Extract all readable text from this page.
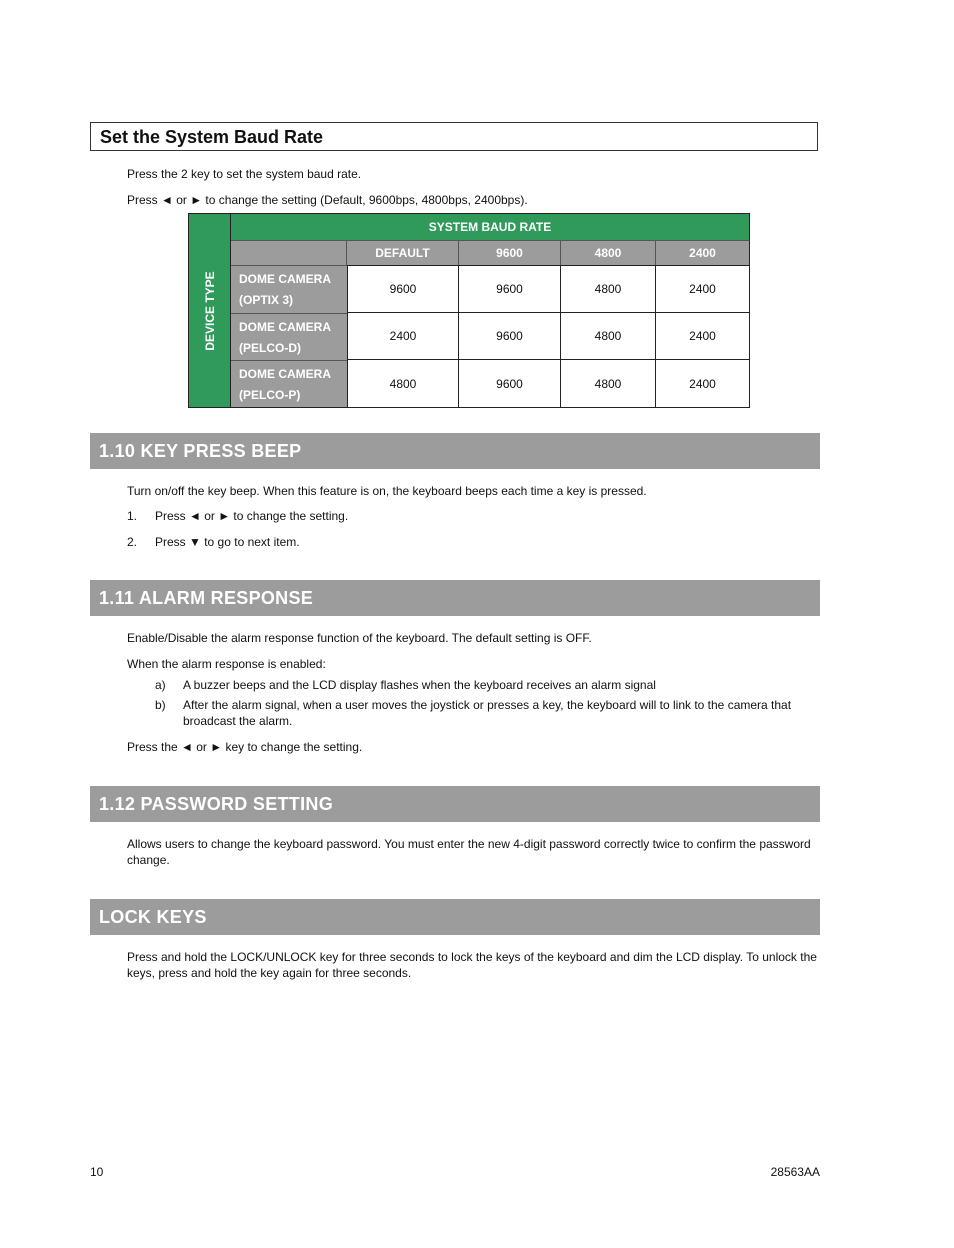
Set the System Baud Rate
Press the 2 key to set the system baud rate.
Press ◄ or ► to change the setting (Default, 9600bps, 4800bps, 2400bps).
DEVICE TYPE
SYSTEM BAUD RATE
DEFAULT	9600	4800	2400
DOME CAMERA
(OPTIX 3)
9600	9600	4800	2400
DOME CAMERA
(PELCO-D)
2400	9600	4800	2400
DOME CAMERA
(PELCO-P)
4800	9600	4800	2400
1.10 KEY PRESS BEEP
Turn on/off the key beep. When this feature is on, the keyboard beeps each time a key is pressed.
1. Press ◄ or ► to change the setting.
2. Press ▼ to go to next item.
1.11 ALARM RESPONSE
Enable/Disable the alarm response function of the keyboard. The default setting is OFF.
When the alarm response is enabled:
a) A buzzer beeps and the LCD display flashes when the keyboard receives an alarm signal
b) After the alarm signal, when a user moves the joystick or presses a key, the keyboard will to link to the camera that
broadcast the alarm.
Press the ◄ or ► key to change the setting.
1.12 PASSWORD SETTING
Allows users to change the keyboard password. You must enter the new 4-digit password correctly twice to confirm the password
change.
LOCK KEYS
Press and hold the LOCK/UNLOCK key for three seconds to lock the keys of the keyboard and dim the LCD display. To unlock the
keys, press and hold the key again for three seconds.
10	28563AA
